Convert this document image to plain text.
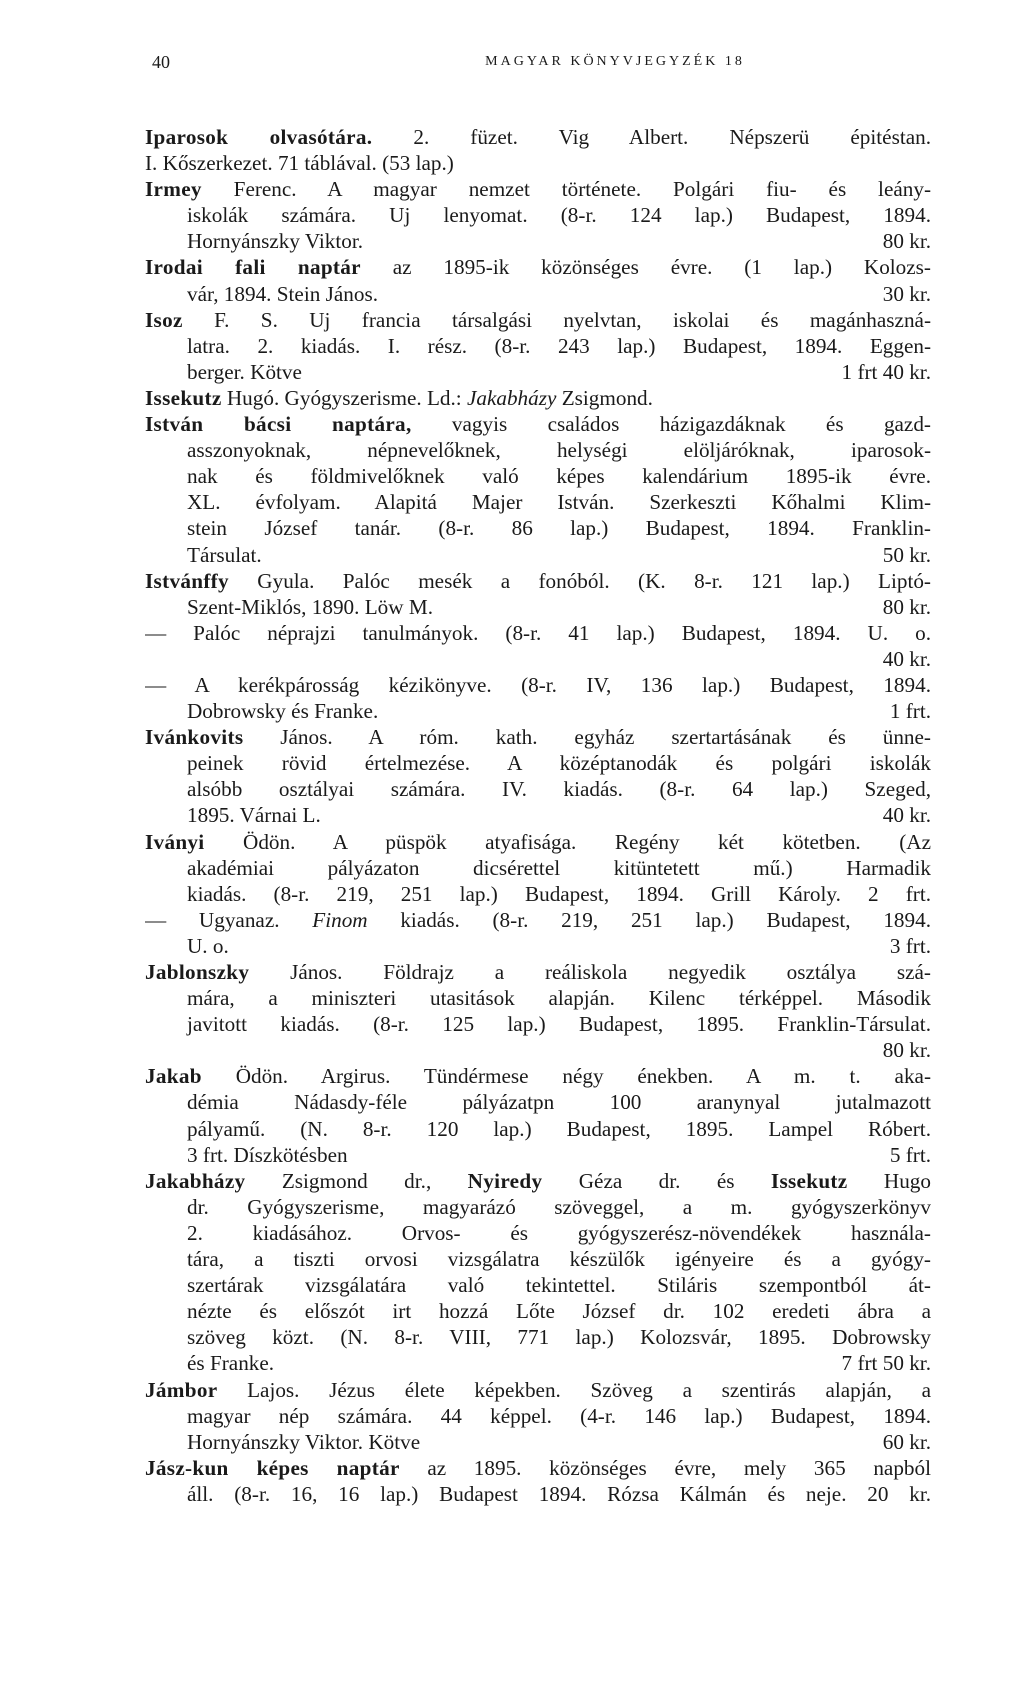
40	MAGYAR KÖNYVJEGYZÉK 18
Iparosok olvasótára. 2. füzet. Vig Albert. Népszerü épitéstan.
I. Kőszerkezet. 71 táblával. (53 lap.)
Irmey Ferenc. A magyar nemzet története. Polgári fiu- és leány-
iskolák számára. Uj lenyomat. (8-r. 124 lap.) Budapest, 1894.
80 kr.
Hornyánszky Viktor.
Irodai fali naptár az 1895-ik közönséges évre. (1 lap.) Kolozs-
30 kr.
vár, 1894. Stein János.
Isoz F. S. Uj francia társalgási nyelvtan, iskolai és magánhaszná-
latra. 2. kiadás. I. rész. (8-r. 243 lap.) Budapest, 1894. Eggen-
1 frt 40 kr.
berger. Kötve
Issekutz Hugó. Gyógyszerisme. Ld.: Jakabházy Zsigmond.
István bácsi naptára, vagyis családos házigazdáknak és gazd-
asszonyoknak, népnevelőknek, helységi elöljáróknak, iparosok-
nak és földmivelőknek való képes kalendárium 1895-ik évre.
XL. évfolyam. Alapitá Majer István. Szerkeszti Kőhalmi Klim-
stein József tanár. (8-r. 86 lap.) Budapest, 1894. Franklin-
50 kr.
Társulat.
Istvánffy Gyula. Palóc mesék a fonóból. (K. 8-r. 121 lap.) Liptó-
80 kr.
Szent-Miklós, 1890. Löw M.
— Palóc néprajzi tanulmányok. (8-r. 41 lap.) Budapest, 1894. U. o.
40 kr.
— A kerékpárosság kézikönyve. (8-r. IV, 136 lap.) Budapest, 1894.
1 frt.
Dobrowsky és Franke.
Ivánkovits János. A róm. kath. egyház szertartásának és ünne-
peinek rövid értelmezése. A középtanodák és polgári iskolák
alsóbb osztályai számára. IV. kiadás. (8-r. 64 lap.) Szeged,
40 kr.
1895. Várnai L.
Iványi Ödön. A püspök atyafisága. Regény két kötetben. (Az
akadémiai pályázaton dicsérettel kitüntetett mű.) Harmadik
kiadás. (8-r. 219, 251 lap.) Budapest, 1894. Grill Károly. 2 frt.
— Ugyanaz. Finom kiadás. (8-r. 219, 251 lap.) Budapest, 1894.
3 frt.
U. o.
Jablonszky János. Földrajz a reáliskola negyedik osztálya szá-
mára, a miniszteri utasitások alapján. Kilenc térképpel. Második
javitott kiadás. (8-r. 125 lap.) Budapest, 1895. Franklin-Társulat.
80 kr.
Jakab Ödön. Argirus. Tündérmese négy énekben. A m. t. aka-
démia Nádasdy-féle pályázatpn 100 aranynyal jutalmazott
pályamű. (N. 8-r. 120 lap.) Budapest, 1895. Lampel Róbert.
5 frt.
3 frt. Díszkötésben
Jakabházy Zsigmond dr., Nyiredy Géza dr. és Issekutz Hugo
dr. Gyógyszerisme, magyarázó szöveggel, a m. gyógyszerkönyv
2. kiadásához. Orvos- és gyógyszerész-növendékek használa-
tára, a tiszti orvosi vizsgálatra készülők igényeire és a gyógy-
szertárak vizsgálatára való tekintettel. Stiláris szempontból át-
nézte és előszót irt hozzá Lőte József dr. 102 eredeti ábra a
szöveg közt. (N. 8-r. VIII, 771 lap.) Kolozsvár, 1895. Dobrowsky
7 frt 50 kr.
és Franke.
Jámbor Lajos. Jézus élete képekben. Szöveg a szentirás alapján, a
magyar nép számára. 44 képpel. (4-r. 146 lap.) Budapest, 1894.
60 kr.
Hornyánszky Viktor. Kötve
Jász-kun képes naptár az 1895. közönséges évre, mely 365 napból
áll. (8-r. 16, 16 lap.) Budapest 1894. Rózsa Kálmán és neje. 20 kr.
